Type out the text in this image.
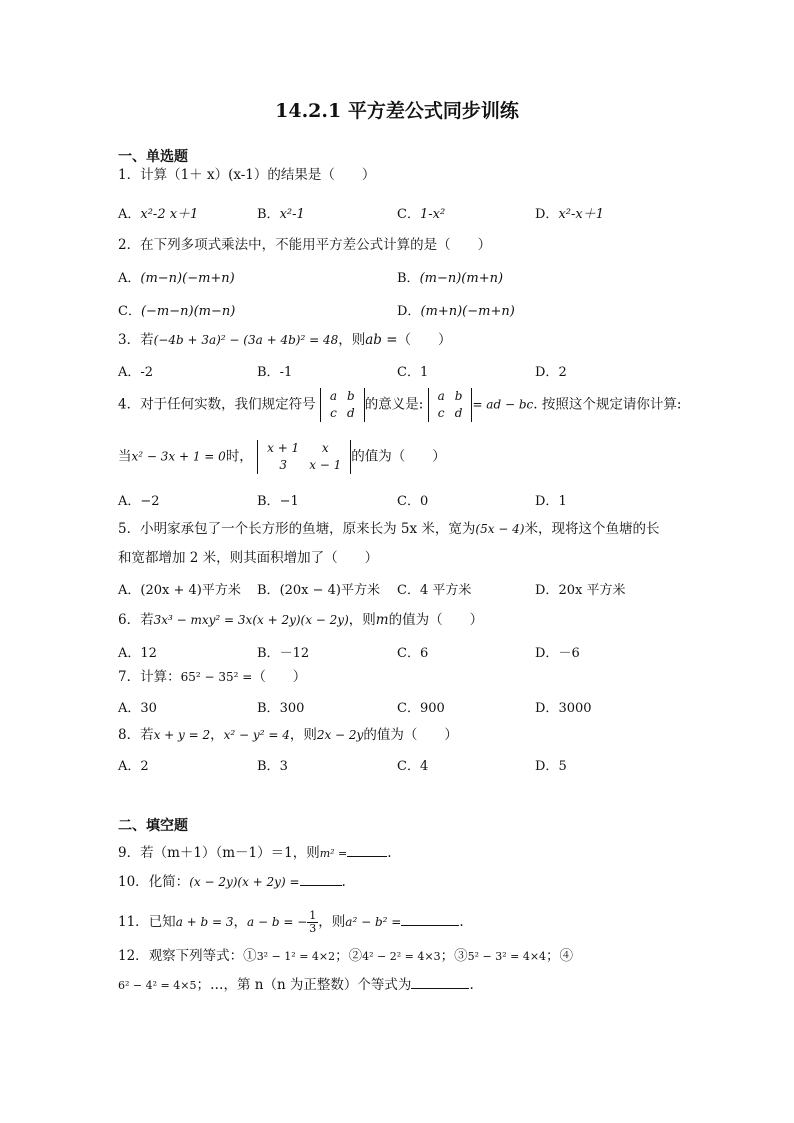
14.2.1 平方差公式同步训练
一、单选题
1．计算（1＋ x）(x-1）的结果是（　　）
A．x²-2 x＋1	B．x²-1	C．1-x²	D．x²-x＋1
2．在下列多项式乘法中，不能用平方差公式计算的是（　　）
A．(m−n)(−m+n)	B．(m−n)(m+n)
C．(−m−n)(m−n)	D．(m+n)(−m+n)
3．若(−4b + 3a)² − (3a + 4b)² = 48，则ab =（　　）
A．-2	B．-1	C．1	D．2
4．对于任何实数，我们规定符号
a	b
c	d
的意义是:
a	b
c	d
= ad − bc. 按照这个规定请你计算:
当x² − 3x + 1 = 0时，
x + 1	x
3	x − 1
的值为（　　）
A．−2	B．−1	C．0	D．1
5．小明家承包了一个长方形的鱼塘，原来长为 5x 米，宽为(5x − 4)米，现将这个鱼塘的长
和宽都增加 2 米，则其面积增加了（　　）
A．(20x + 4)平方米 B．(20x − 4)平方米 C．4 平方米	D．20x 平方米
6．若3x³ − mxy² = 3x(x + 2y)(x − 2y)，则m的值为（　　）
A．12	B．－12	C．6	D．－6
7．计算：65² − 35² =（　　）
A．30	B．300	C．900	D．3000
8．若x + y = 2，x² − y² = 4，则2x − 2y的值为（　　）
A．2	B．3	C．4	D．5
二、填空题
9．若（m＋1）（m－1）＝1，则m² =	.
10．化简：(x − 2y)(x + 2y) =	.
11．已知a + b = 3，a − b = − $\frac{1}{3}$ ，则a² − b² =	.
12．观察下列等式：①3² − 1² = 4×2；②4² − 2² = 4×3；③5² − 3² = 4×4；④
6² − 4² = 4×5；…，第 n（n 为正整数）个等式为	.
